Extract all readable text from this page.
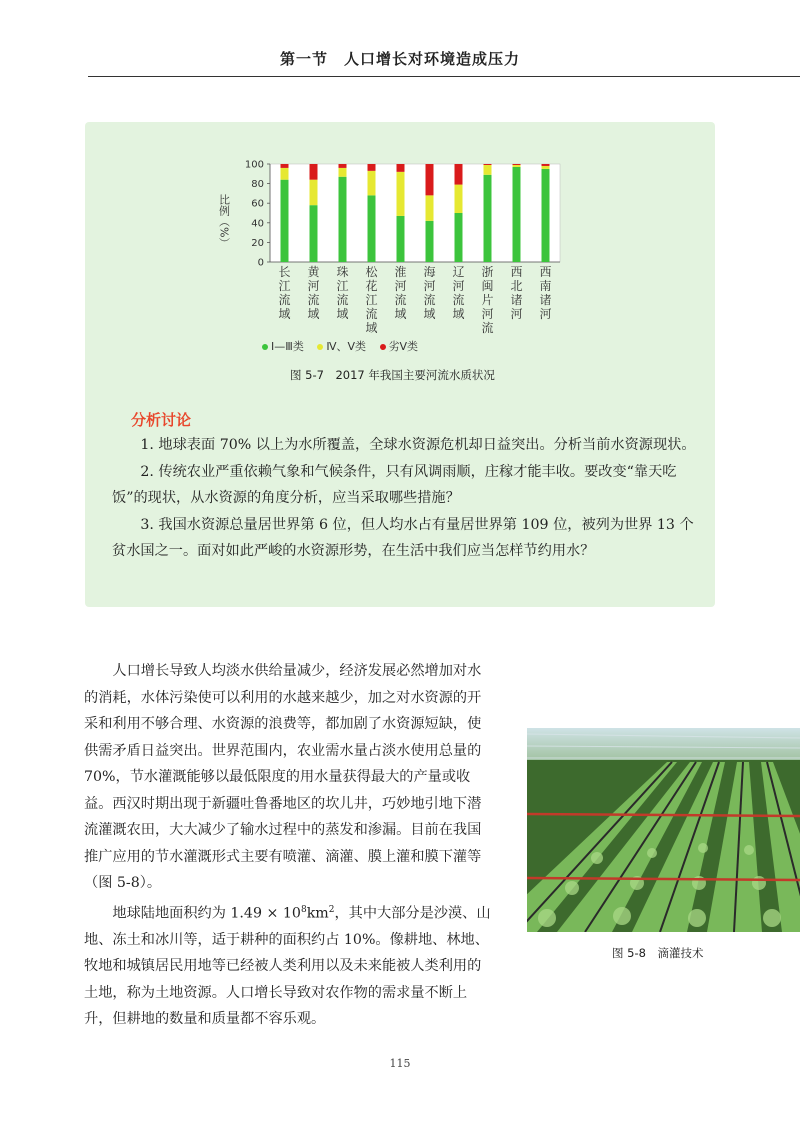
第一节　人口增长对环境造成压力
100
80
60
40
20
0
比例（%）
长
江
流
域
黄
河
流
域
珠
江
流
域
松
花
江
流
域
淮
河
流
域
海
河
流
域
辽
河
流
域
浙
闽
片
河
流
西
北
诸
河
西
南
诸
河
Ⅰ—Ⅲ类 Ⅳ、Ⅴ类 劣Ⅴ类
图 5-7　2017 年我国主要河流水质状况
分析讨论

1. 地球表面 70% 以上为水所覆盖，全球水资源危机却日益突出。分析当前水资源现状。

2. 传统农业严重依赖气象和气候条件，只有风调雨顺，庄稼才能丰收。要改变“靠天吃饭”的现状，从水资源的角度分析，应当采取哪些措施？

3. 我国水资源总量居世界第 6 位，但人均水占有量居世界第 109 位，被列为世界 13 个贫水国之一。面对如此严峻的水资源形势，在生活中我们应当怎样节约用水？

人口增长导致人均淡水供给量减少，经济发展必然增加对水的消耗，水体污染使可以利用的水越来越少，加之对水资源的开采和利用不够合理、水资源的浪费等，都加剧了水资源短缺，使供需矛盾日益突出。世界范围内，农业需水量占淡水使用总量的 70%，节水灌溉能够以最低限度的用水量获得最大的产量或收益。西汉时期出现于新疆吐鲁番地区的坎儿井，巧妙地引地下潜流灌溉农田，大大减少了输水过程中的蒸发和渗漏。目前在我国推广应用的节水灌溉形式主要有喷灌、滴灌、膜上灌和膜下灌等（图 5-8）。

地球陆地面积约为 $1.49 \times 10^8km^2$，其中大部分是沙漠、山地、冻土和冰川等，适于耕种的面积约占 10%。像耕地、林地、牧地和城镇居民用地等已经被人类利用以及未来能被人类利用的土地，称为土地资源。人口增长导致对农作物的需求量不断上升，但耕地的数量和质量都不容乐观。

图 5-8　滴灌技术
115
